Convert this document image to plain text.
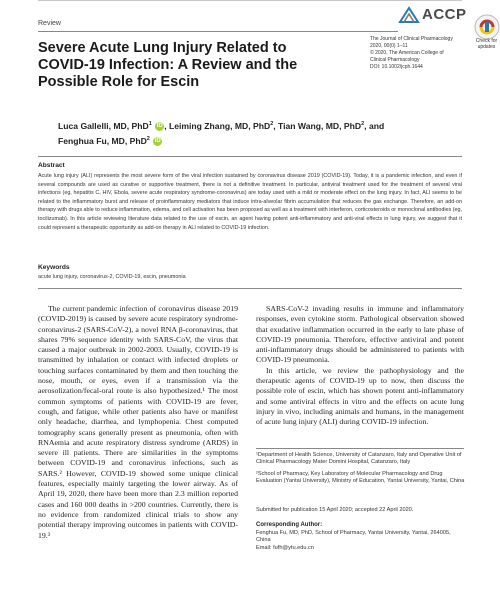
Review
ACCP
Check for updates
The Journal of Clinical Pharmacology
2020, 00(0) 1–11
© 2020, The American College of
Clinical Pharmacology
DOI: 10.1002/jcph.1644
Severe Acute Lung Injury Related to COVID-19 Infection: A Review and the Possible Role for Escin
Luca Gallelli, MD, PhD$^1$ iD , Leiming Zhang, MD, PhD$^2$, Tian Wang, MD, PhD$^2$, and
Fenghua Fu, MD, PhD$^2$ iD
Abstract
Acute lung injury (ALI) represents the most severe form of the viral infection sustained by coronavirus disease 2019 (COVID-19). Today, it is a pandemic infection, and even if several compounds are used as curative or supportive treatment, there is not a definitive treatment. In particular, antiviral treatment used for the treatment of several viral infections (eg, hepatitis C, HIV, Ebola, severe acute respiratory syndrome-coronavirus) are today used with a mild or moderate effect on the lung injury. In fact, ALI seems to be related to the inflammatory burst and release of proinflammatory mediators that induce intra-alveolar fibrin accumulation that reduces the gas exchange. Therefore, an add-on therapy with drugs able to reduce inflammation, edema, and cell activation has been proposed as well as a treatment with interferon, corticosteroids or monoclonal antibodies (eg, tocilizumab). In this article reviewing literature data related to the use of escin, an agent having potent anti-inflammatory and anti-viral effects in lung injury, we suggest that it could represent a therapeutic opportunity as add-on therapy in ALI related to COVID-19 infection.
Keywords
acute lung injury, coronavirus-2, COVID-19, escin, pneumonia

The current pandemic infection of coronavirus disease 2019 (COVID-2019) is caused by severe acute respiratory syndrome-coronavirus-2 (SARS-CoV-2), a novel RNA β-coronavirus, that shares 79% sequence identity with SARS-CoV, the virus that caused a major outbreak in 2002-2003. Usually, COVID-19 is transmitted by inhalation or contact with infected droplets or touching surfaces contaminated by them and then touching the nose, mouth, or eyes, even if a transmission via the aerosolization/fecal-oral route is also hypothesized.¹ The most common symptoms of patients with COVID-19 are fever, cough, and fatigue, while other patients also have or manifest only headache, diarrhea, and lymphopenia. Chest computed tomography scans generally present as pneumonia, often with RNAemia and acute respiratory distress syndrome (ARDS) in severe ill patients. There are similarities in the symptoms between COVID-19 and coronavirus infections, such as SARS.² However, COVID-19 showed some unique clinical features, especially mainly targeting the lower airway. As of April 19, 2020, there have been more than 2.3 million reported cases and 160 000 deaths in >200 countries. Currently, there is no evidence from randomized clinical trials to show any potential therapy improving outcomes in patients with COVID-19.³

SARS-CoV-2 invading results in immune and inflammatory responses, even cytokine storm. Pathological observation showed that exudative inflammation occurred in the early to late phase of COVID-19 pneumonia. Therefore, effective antiviral and potent anti-inflammatory drugs should be administered to patients with COVID-19 pneumonia.

In this article, we review the pathophysiology and the therapeutic agents of COVID-19 up to now, then discuss the possible role of escin, which has shown potent anti-inflammatory and some antiviral effects in vitro and the effects on acute lung injury in vivo, including animals and humans, in the management of acute lung injury (ALI) during COVID-19 infection.

¹Department of Health Science, University of Catanzaro, Italy and Operative Unit of Clinical Pharmacology Mater Domini Hospital, Catanzaro, Italy

²School of Pharmacy, Key Laboratory of Molecular Pharmacology and Drug Evaluation (Yantai University), Ministry of Education, Yantai University, Yantai, China

Submitted for publication 15 April 2020; accepted 22 April 2020.
Corresponding Author:
Fenghua Fu, MD, PhD, School of Pharmacy, Yantai University, Yantai, 264005, China
Email: fufh@ytu.edu.cn
